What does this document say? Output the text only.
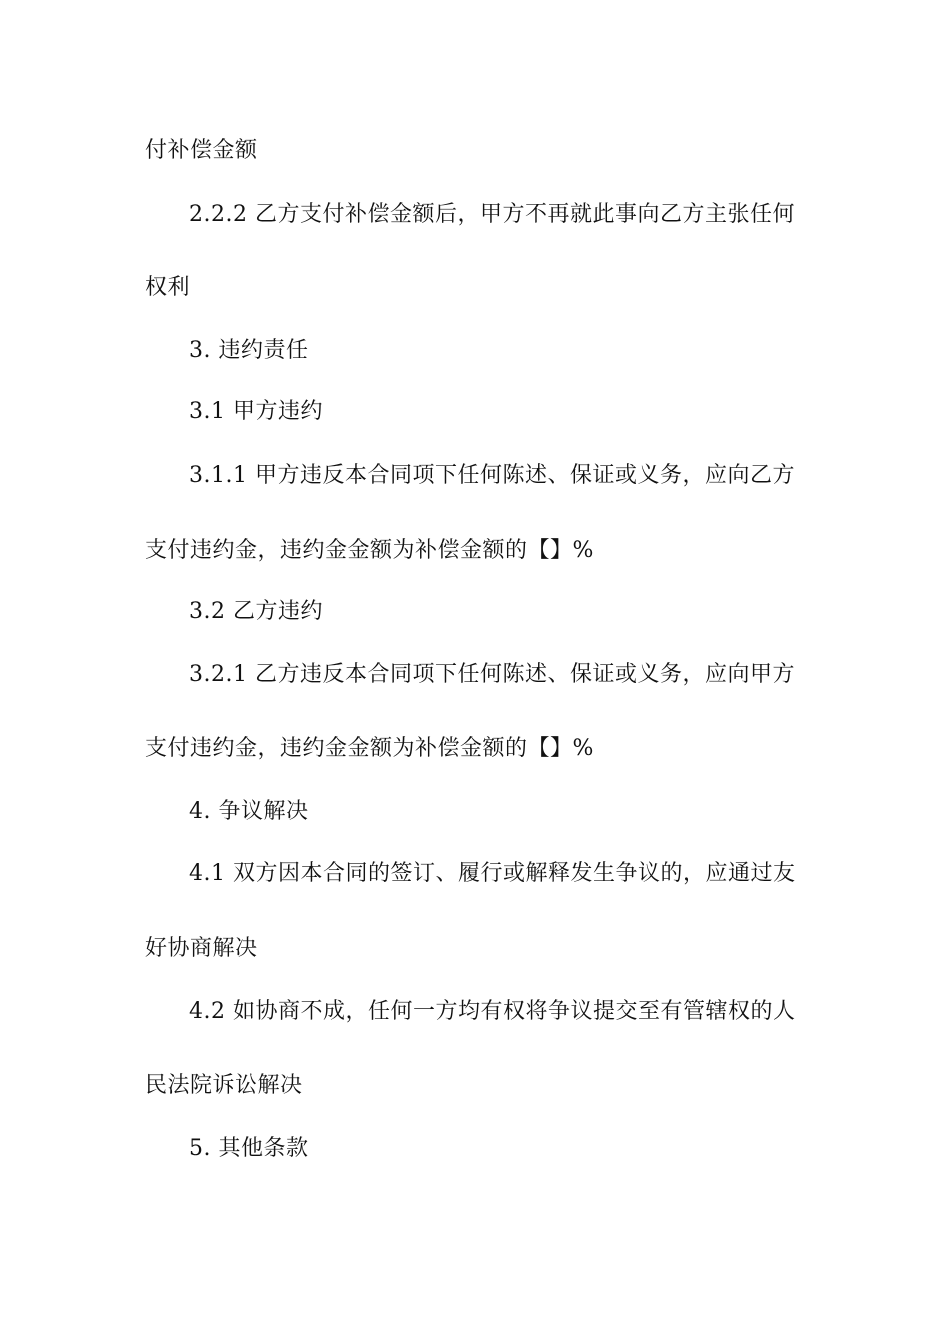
付补偿金额
2.2.2 乙方支付补偿金额后，甲方不再就此事向乙方主张任何
权利
3. 违约责任
3.1 甲方违约
3.1.1 甲方违反本合同项下任何陈述、保证或义务，应向乙方
支付违约金，违约金金额为补偿金额的【】%
3.2 乙方违约
3.2.1 乙方违反本合同项下任何陈述、保证或义务，应向甲方
支付违约金，违约金金额为补偿金额的【】%
4. 争议解决
4.1 双方因本合同的签订、履行或解释发生争议的，应通过友
好协商解决
4.2 如协商不成，任何一方均有权将争议提交至有管辖权的人
民法院诉讼解决
5. 其他条款
